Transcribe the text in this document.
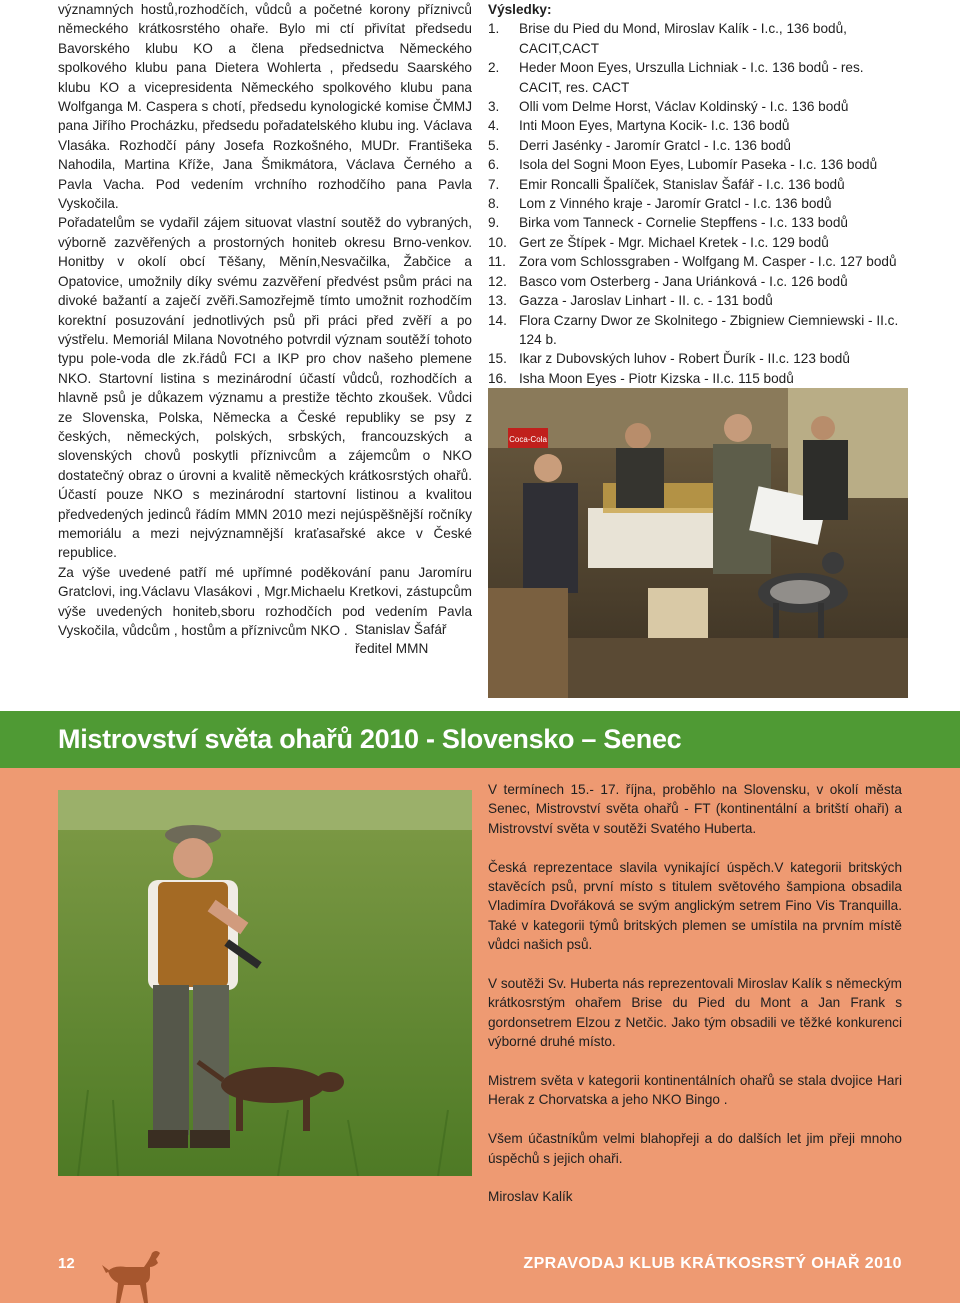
významných hostů,rozhodčích, vůdců a početné korony příznivců německého krátkosrstého ohaře. Bylo mi ctí přivítat předsedu Bavorského klubu KO a člena předsednictva Německého spolkového klubu pana Dietera Wohlerta , předsedu Saarského klubu KO a vicepresidenta Německého spolkového klubu pana Wolfganga M. Caspera s chotí, předsedu kynologické komise ČMMJ pana Jiřího Procházku, předsedu pořadatelského klubu ing. Václava Vlasáka. Rozhodčí pány Josefa Rozkošného, MUDr. Františeka Nahodila, Martina Kříže, Jana Šmikmátora, Václava Černého a Pavla Vacha. Pod vedením vrchního rozhodčího pana Pavla Vyskočila.

Pořadatelům se vydařil zájem situovat vlastní soutěž do vybraných, výborně zazvěřených a prostorných honiteb okresu Brno-venkov. Honitby v okolí obcí Těšany, Měnín,Nesvačilka, Žabčice a Opatovice, umožnily díky svému zazvěření předvést psům práci na divoké bažantí a zaječí zvěři.Samozřejmě tímto umožnit rozhodčím korektní posuzování jednotlivých psů při práci před zvěří a po výstřelu. Memoriál Milana Novotného potvrdil význam soutěží tohoto typu pole-voda dle zk.řádů FCI a IKP pro chov našeho plemene NKO. Startovní listina s mezinárodní účastí vůdců, rozhodčích a hlavně psů je důkazem významu a prestiže těchto zkoušek. Vůdci ze Slovenska, Polska, Německa a České republiky se psy z českých, německých, polských, srbských, francouzských a slovenských chovů poskytli příznivcům a zájemcům o NKO dostatečný obraz o úrovni a kvalitě německých krátkosrstých ohařů. Účastí pouze NKO s mezinárodní startovní listinou a kvalitou předvedených jedinců řádím MMN 2010 mezi nejúspěšnější ročníky memoriálu a mezi nejvýznamnější kraťasařské akce v České republice.

Za výše uvedené patří mé upřímné poděkování panu Jaromíru Gratclovi, ing.Václavu Vlasákovi , Mgr.Michaelu Kretkovi, zástupcům výše uvedených honiteb,sboru rozhodčích pod vedením Pavla Vyskočila, vůdcům , hostům a příznivcům NKO . Stanislav Šafář
ředitel MMN
Výsledky:
1.	Brise du Pied du Mond, Miroslav Kalík - I.c., 136 bodů, CACIT,CACT
2.	Heder Moon Eyes, Urszulla Lichniak - I.c. 136 bodů - res. CACIT, res. CACT
3.	Olli vom Delme Horst, Václav Koldinský - I.c. 136 bodů
4.	Inti Moon Eyes, Martyna Kocik- I.c. 136 bodů
5.	Derri Jasénky - Jaromír Gratcl - I.c. 136 bodů
6.	Isola del Sogni Moon Eyes, Lubomír Paseka - I.c. 136 bodů
7.	Emir Roncalli Špalíček, Stanislav Šafář - I.c. 136 bodů
8.	Lom z Vinného kraje - Jaromír Gratcl - I.c. 136 bodů
9.	Birka vom Tanneck - Cornelie Stepffens - I.c. 133 bodů
10. Gert ze Štípek - Mgr. Michael Kretek - I.c. 129 bodů
11. Zora vom Schlossgraben - Wolfgang M. Casper - I.c. 127 bodů
12. Basco vom Osterberg - Jana Uriánková - I.c. 126 bodů
13. Gazza - Jaroslav Linhart - II. c. - 131 bodů
14. Flora Czarny Dwor ze Skolnitego - Zbigniew Ciemniewski - II.c. 124 b.
15. Ikar z Dubovských luhov - Robert Ďurík - II.c. 123 bodů
16. Isha Moon Eyes - Piotr Kizska - II.c. 115 bodů
Coca-Cola
Mistrovství světa ohařů 2010 - Slovensko – Senec

V termínech 15.- 17. října, proběhlo na Slovensku, v okolí města Senec, Mistrovství světa ohařů - FT (kontinentální a britští ohaři) a Mistrovství světa v soutěži Svatého Huberta.

Česká reprezentace slavila vynikající úspěch.V kategorii britských stavěcích psů, první místo s titulem světového šampiona obsadila Vladimíra Dvořáková se svým anglickým setrem Fino Vis Tranquilla. Také v kategorii týmů britských plemen se umístila na prvním místě vůdci našich psů.

V soutěži Sv. Huberta nás reprezentovali Miroslav Kalík s německým krátkosrstým ohařem Brise du Pied du Mont a Jan Frank s gordonsetrem Elzou z Netčic. Jako tým obsadili ve těžké konkurenci výborné druhé místo.

Mistrem světa v kategorii kontinentálních ohařů se stala dvojice Hari Herak z Chorvatska a jeho NKO Bingo .

Všem účastníkům velmi blahopřeji a do dalších let jim přeji mnoho úspěchů s jejich ohaři.

Miroslav Kalík

12	ZPRAVODAJ KLUB KRÁTKOSRSTÝ OHAŘ 2010
